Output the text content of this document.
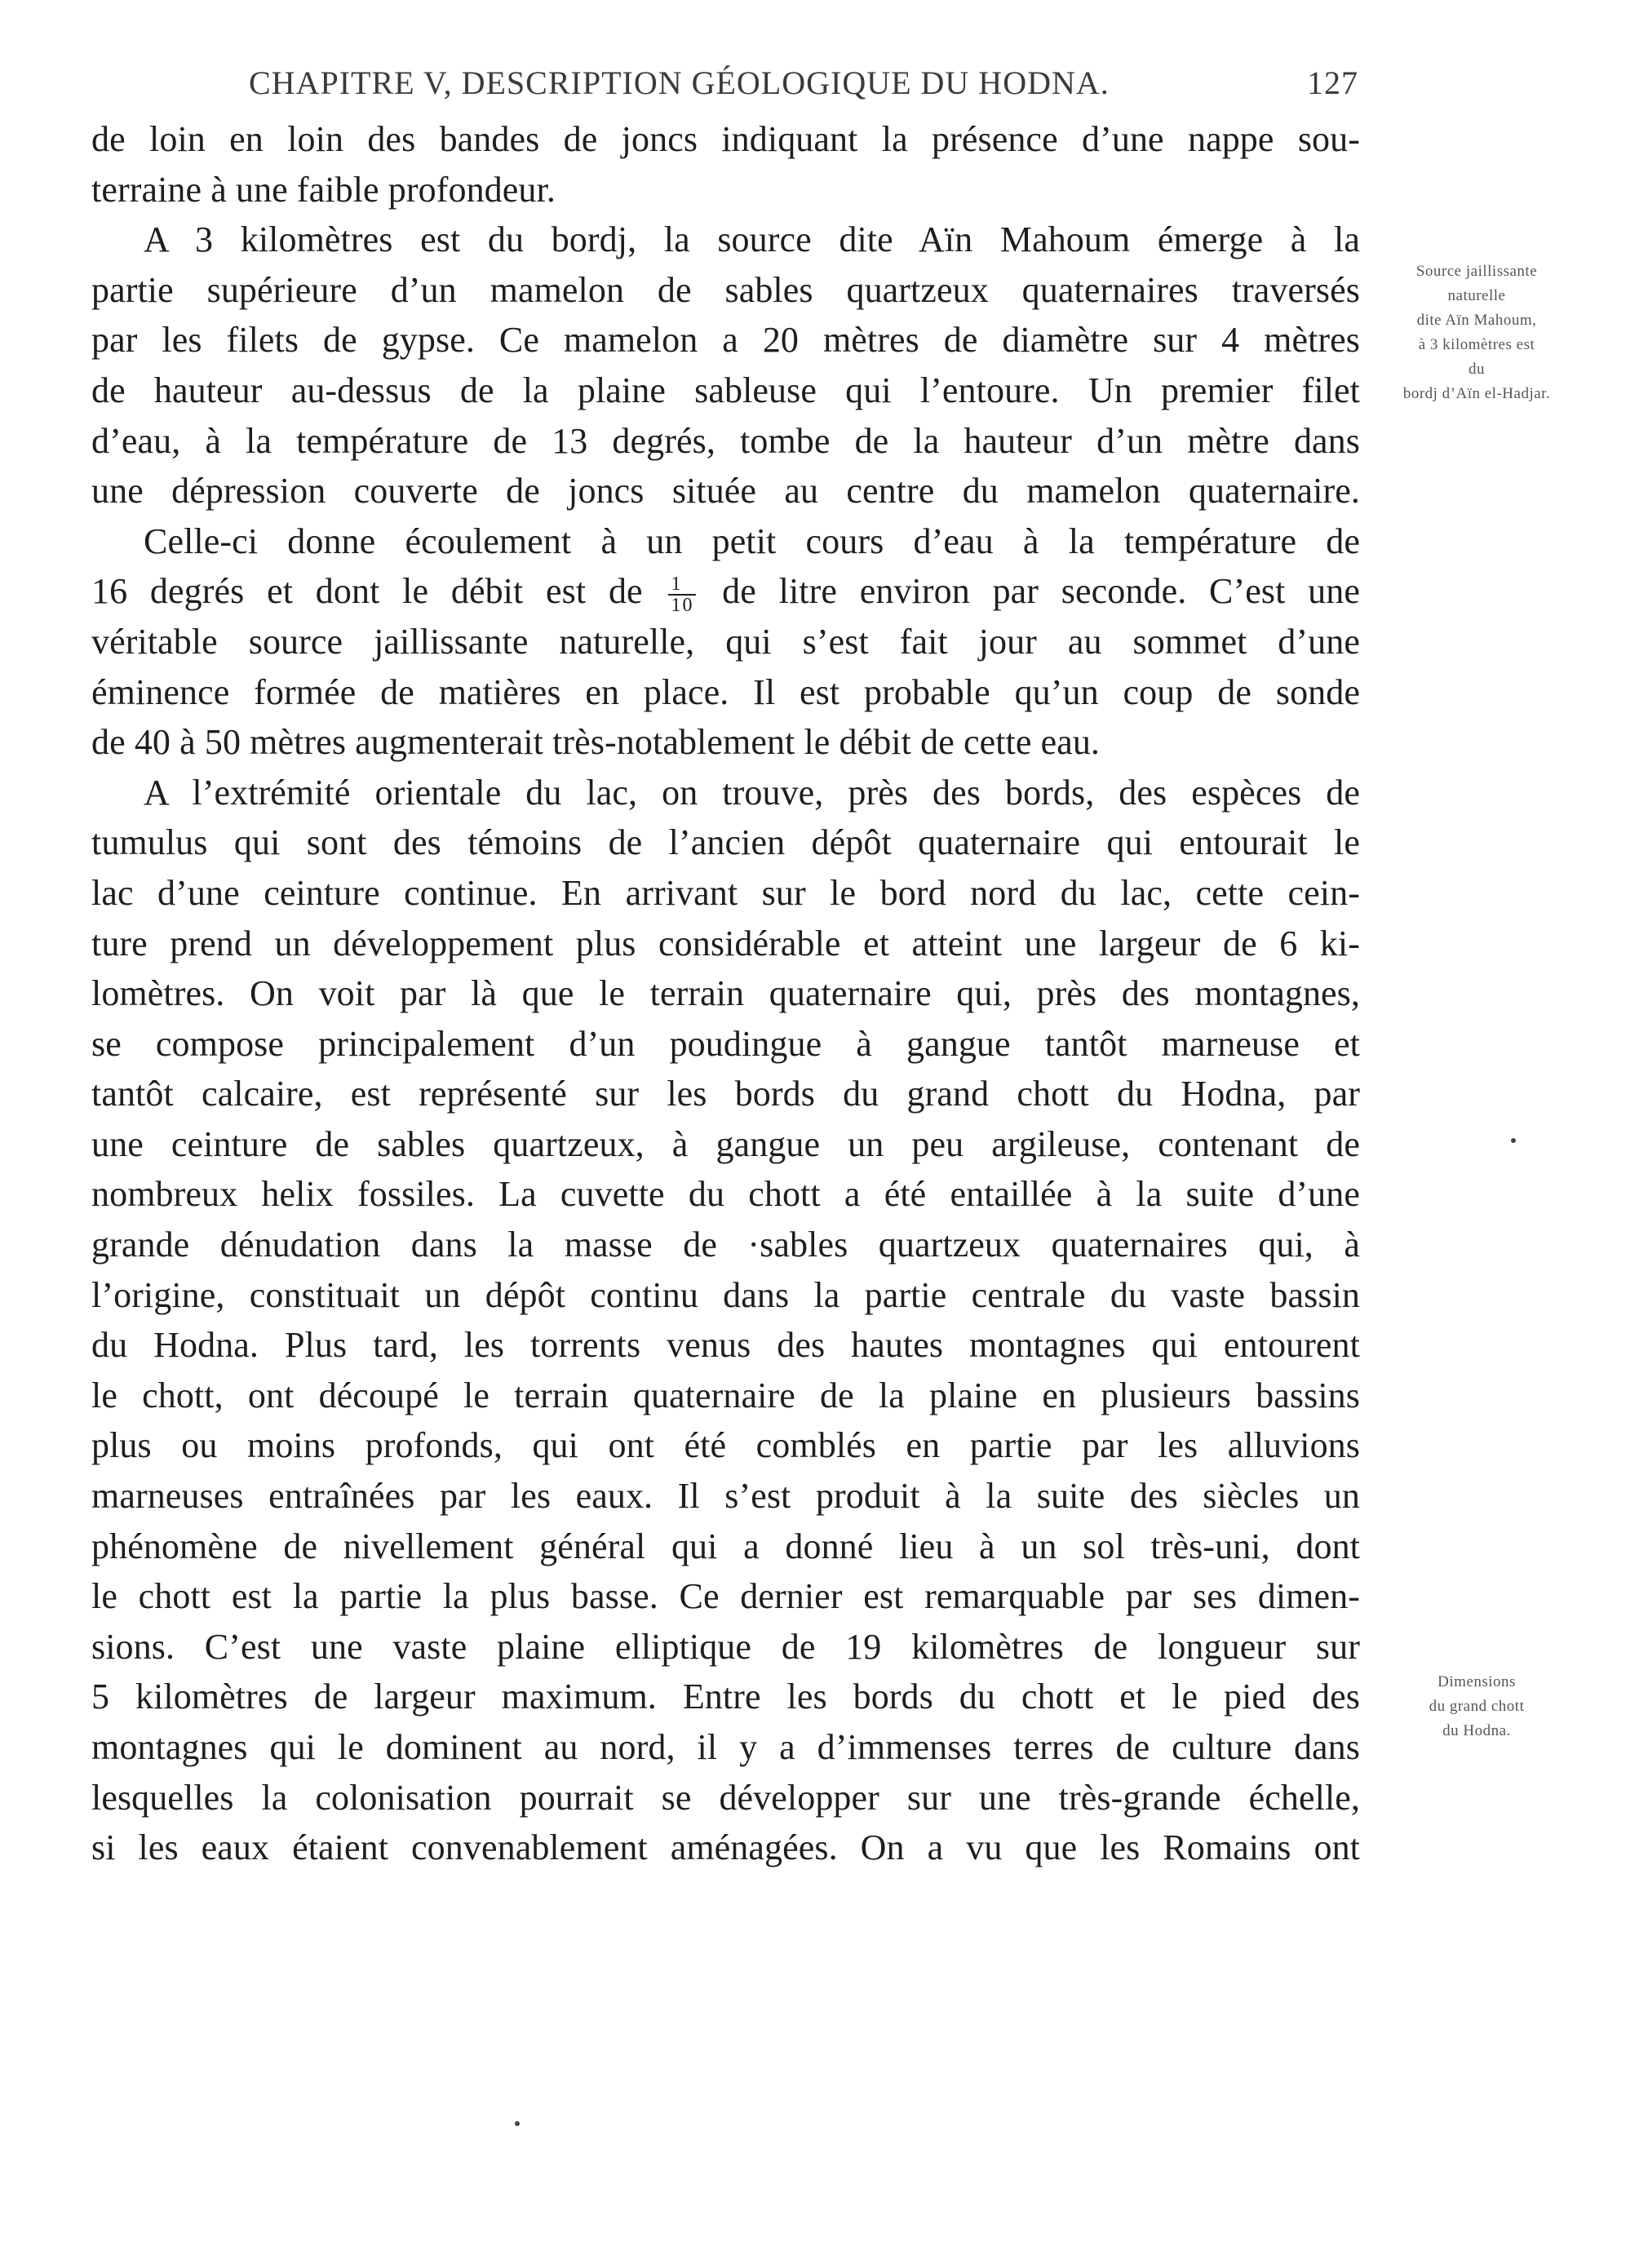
CHAPITRE V, DESCRIPTION GÉOLOGIQUE DU HODNA.	127
de loin en loin des bandes de joncs indiquant la présence d’une nappe sou-
terraine à une faible profondeur.
A 3 kilomètres est du bordj, la source dite Aïn Mahoum émerge à la
partie supérieure d’un mamelon de sables quartzeux quaternaires traversés
par les filets de gypse. Ce mamelon a 20 mètres de diamètre sur 4 mètres
de hauteur au-dessus de la plaine sableuse qui l’entoure. Un premier filet
d’eau, à la température de 13 degrés, tombe de la hauteur d’un mètre dans
une dépression couverte de joncs située au centre du mamelon quaternaire.
Celle-ci donne écoulement à un petit cours d’eau à la température de
16 degrés et dont le débit est de $\frac{1}{10}$ de litre environ par seconde. C’est une
véritable source jaillissante naturelle, qui s’est fait jour au sommet d’une
éminence formée de matières en place. Il est probable qu’un coup de sonde
de 40 à 50 mètres augmenterait très-notablement le débit de cette eau.
A l’extrémité orientale du lac, on trouve, près des bords, des espèces de
tumulus qui sont des témoins de l’ancien dépôt quaternaire qui entourait le
lac d’une ceinture continue. En arrivant sur le bord nord du lac, cette cein-
ture prend un développement plus considérable et atteint une largeur de 6 ki-
lomètres. On voit par là que le terrain quaternaire qui, près des montagnes,
se compose principalement d’un poudingue à gangue tantôt marneuse et
tantôt calcaire, est représenté sur les bords du grand chott du Hodna, par
une ceinture de sables quartzeux, à gangue un peu argileuse, contenant de
nombreux helix fossiles. La cuvette du chott a été entaillée à la suite d’une
grande dénudation dans la masse de ·sables quartzeux quaternaires qui, à
l’origine, constituait un dépôt continu dans la partie centrale du vaste bassin
du Hodna. Plus tard, les torrents venus des hautes montagnes qui entourent
le chott, ont découpé le terrain quaternaire de la plaine en plusieurs bassins
plus ou moins profonds, qui ont été comblés en partie par les alluvions
marneuses entraînées par les eaux. Il s’est produit à la suite des siècles un
phénomène de nivellement général qui a donné lieu à un sol très-uni, dont
le chott est la partie la plus basse. Ce dernier est remarquable par ses dimen-
sions. C’est une vaste plaine elliptique de 19 kilomètres de longueur sur
5 kilomètres de largeur maximum. Entre les bords du chott et le pied des
montagnes qui le dominent au nord, il y a d’immenses terres de culture dans
lesquelles la colonisation pourrait se développer sur une très-grande échelle,
si les eaux étaient convenablement aménagées. On a vu que les Romains ont
Source jaillissante
naturelle
dite Aïn Mahoum,
à 3 kilomètres est
du
bordj d’Aïn el-Hadjar.
Dimensions
du grand chott
du Hodna.
